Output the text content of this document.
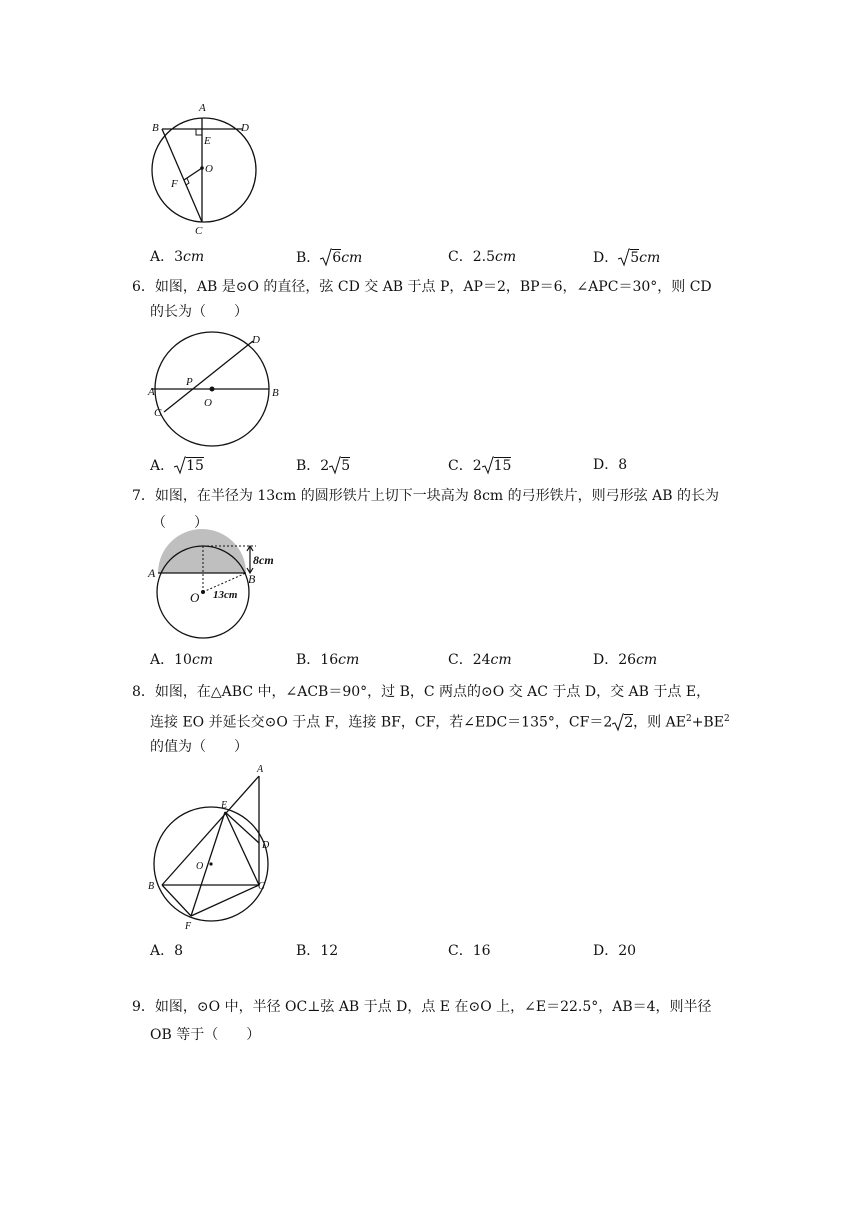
A
B	D
E
O
F
C
A．3cm	B． 6cm	C．2.5cm	D． 5cm
6．如图，AB 是⊙O 的直径，弦 CD 交 AB 于点 P，AP＝2，BP＝6，∠APC＝30°，则 CD
的长为（　　）
A	B
C
D
P
O
A． 15	B．2 5	C．2 15	D．8
7．如图，在半径为 13cm 的圆形铁片上切下一块高为 8cm 的弓形铁片，则弓形弦 AB 的长为
（　　）
A	B
O
8cm
13cm
A．10cm	B．16cm	C．24cm	D．26cm
8．如图，在△ABC 中，∠ACB＝90°，过 B，C 两点的⊙O 交 AC 于点 D，交 AB 于点 E，
连接 EO 并延长交⊙O 于点 F，连接 BF，CF，若∠EDC＝135°，CF＝2 2，则 $AE^2+BE^2$
的值为（　　）
A
E
D
O
B	C
F
A．8	B．12	C．16	D．20
9．如图，⊙O 中，半径 OC⊥弦 AB 于点 D，点 E 在⊙O 上，∠E＝22.5°，AB＝4，则半径
OB 等于（　　）
